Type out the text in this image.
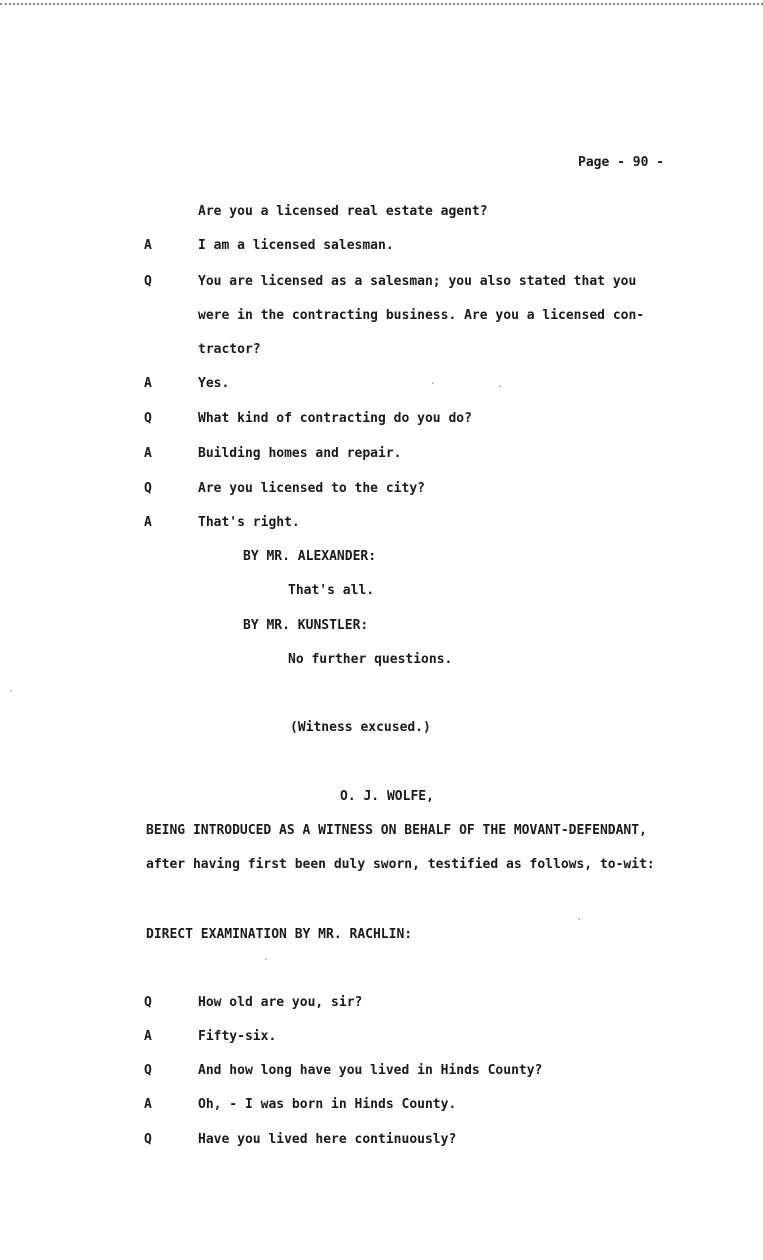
Page - 90 -
Are you a licensed real estate agent?
A	I am a licensed salesman.
Q	You are licensed as a salesman; you also stated that you
were in the contracting business. Are you a licensed con-
tractor?
A	Yes.
Q	What kind of contracting do you do?
A	Building homes and repair.
Q	Are you licensed to the city?
A	That's right.
BY MR. ALEXANDER:
That's all.
BY MR. KUNSTLER:
No further questions.
(Witness excused.)
O. J. WOLFE,
BEING INTRODUCED AS A WITNESS ON BEHALF OF THE MOVANT-DEFENDANT,
after having first been duly sworn, testified as follows, to-wit:
DIRECT EXAMINATION BY MR. RACHLIN:
Q	How old are you, sir?
A	Fifty-six.
Q	And how long have you lived in Hinds County?
A	Oh, - I was born in Hinds County.
Q	Have you lived here continuously?
